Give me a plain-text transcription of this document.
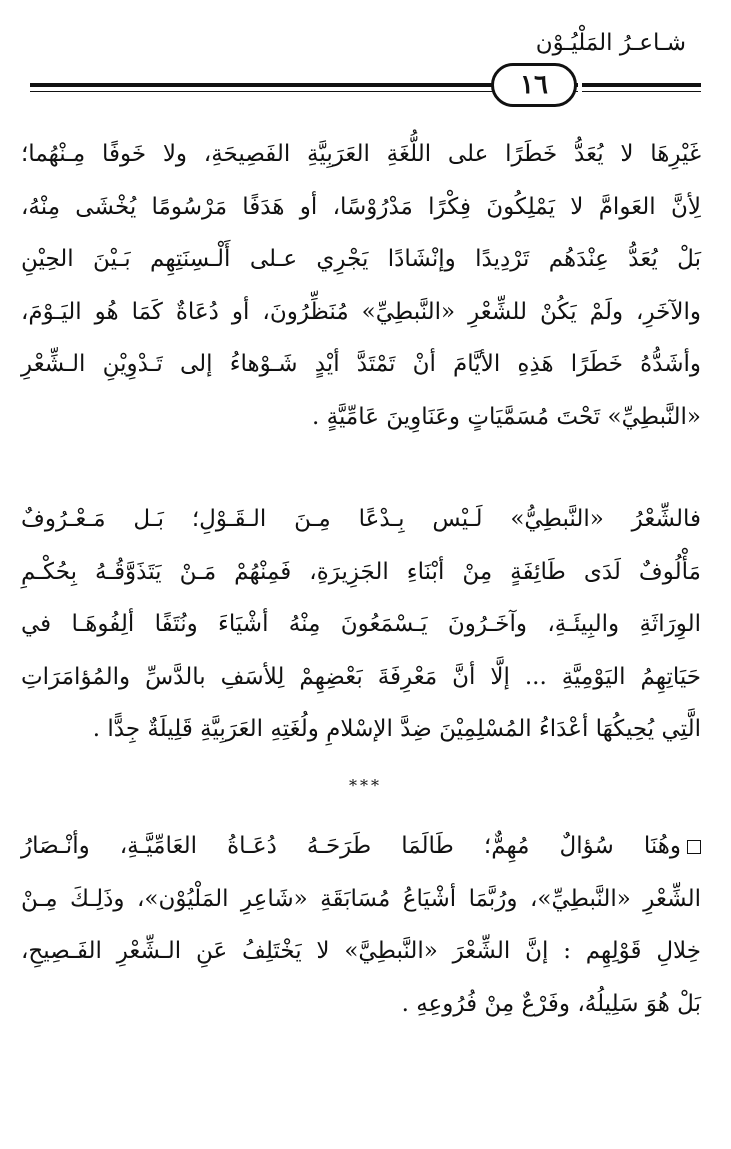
شـاعـرُ المَلْيُـوْن
١٦
غَيْرِهَا لا يُعَدُّ خَطَرًا على اللُّغَةِ العَرَبِيَّةِ الفَصِيحَةِ، ولا خَوفًا مِـنْهُما؛
لِأنَّ العَوامَّ لا يَمْلِكُونَ فِكْرًا مَدْرُوْسًا، أو هَدَفًا مَرْسُومًا يُخْشَى مِنْهُ،
بَلْ يُعَدُّ عِنْدَهُم تَرْدِيدًا وإنْشَادًا يَجْرِي عـلى أَلْـسِنَتِهِم بَـيْنَ الحِيْنِ
والآخَرِ، ولَمْ يَكُنْ للشِّعْرِ «النَّبطِيِّ» مُنَظِّرُونَ، أو دُعَاةٌ كَمَا هُو اليَـوْمَ،
وأشَدُّهُ خَطَرًا هَذِهِ الأيَّامَ أنْ تَمْتَدَّ أيْدٍ شَـوْهاءُ إلى تَـدْوِيْنِ الـشِّعْرِ
«النَّبطِيِّ» تَحْتَ مُسَمَّيَاتٍ وعَنَاوِينَ عَامِّيَّةٍ .
فالشِّعْرُ «النَّبطِيُّ» لَـيْس بِـدْعًا مِـنَ الـقَـوْلِ؛ بَـل مَـعْـرُوفٌ
مَأْلُوفٌ لَدَى طَائِفَةٍ مِنْ أبْنَاءِ الجَزِيرَةِ، فَمِنْهُمْ مَـنْ يَتَذَوَّقُـهُ بِحُكْـمِ
الوِرَاثَةِ والبِيئَـةِ، وآخَـرُونَ يَـسْمَعُونَ مِنْهُ أشْيَاءَ ونُتَفًا ألِفُوهَـا في
حَيَاتِهِمُ اليَوْمِيَّةِ ... إلَّا أنَّ مَعْرِفَةَ بَعْضِهِمْ لِلأسَفِ بالدَّسِّ والمُؤامَرَاتِ
الَّتِي يُحِيكُهَا أعْدَاءُ المُسْلِمِيْنَ ضِدَّ الإسْلامِ ولُغَتِهِ العَرَبِيَّةِ قَلِيلَةٌ جِدًّا .
***
وهُنَا سُؤالٌ مُهِمٌّ؛ طَالَمَا طَرَحَـهُ دُعَـاةُ العَامِّيَّـةِ، وأنْـصَارُ
الشِّعْرِ «النَّبطِيِّ»، ورُبَّمَا أشْيَاعُ مُسَابَقَةِ «شَاعِرِ المَلْيُوْن»، وذَلِـكَ مِـنْ
خِلالِ قَوْلِهِم : إنَّ الشِّعْرَ «النَّبطِيَّ» لا يَخْتَلِفُ عَنِ الـشِّعْرِ الفَـصِيحِ،
بَلْ هُوَ سَلِيلُهُ، وفَرْعٌ مِنْ فُرُوعِهِ .
